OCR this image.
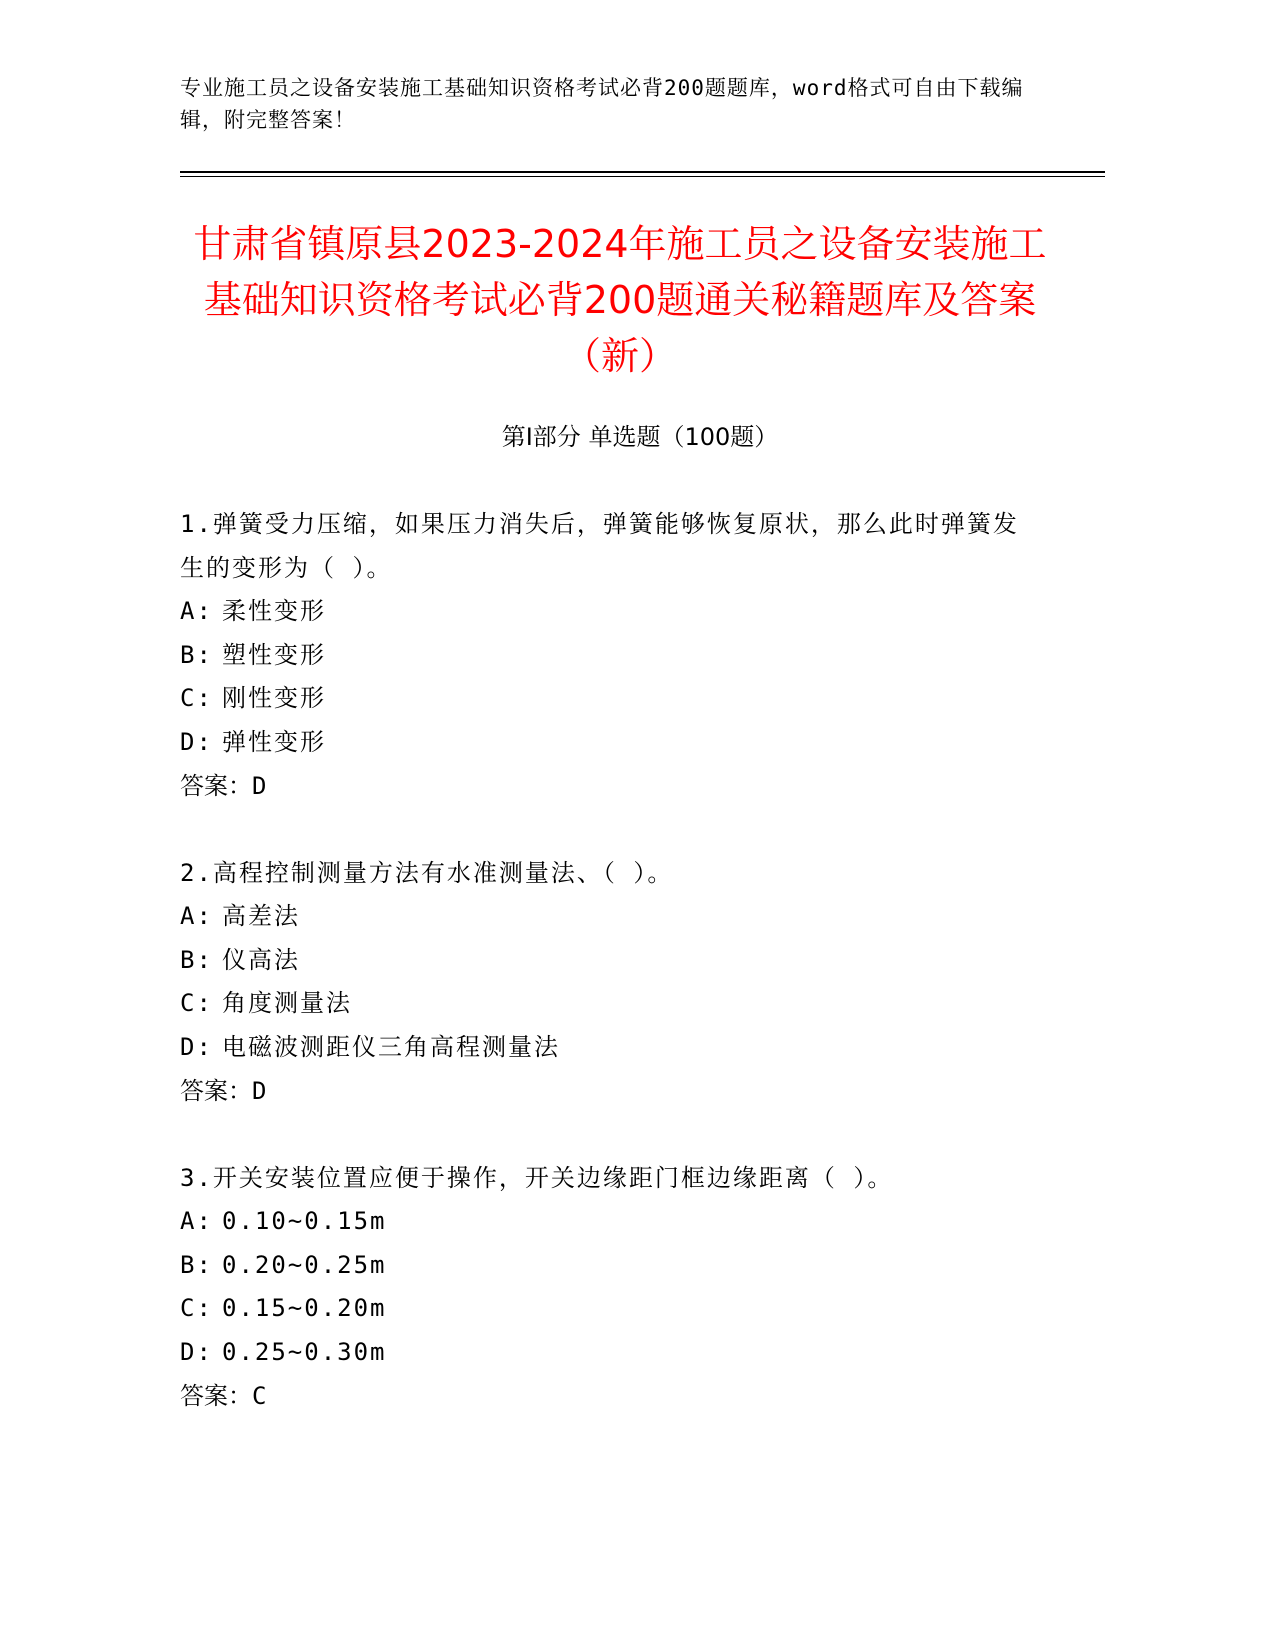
专业施工员之设备安装施工基础知识资格考试必背200题题库，word格式可自由下载编辑，附完整答案！
甘肃省镇原县2023-2024年施工员之设备安装施工基础知识资格考试必背200题通关秘籍题库及答案（新）
第I部分 单选题（100题）

1.弹簧受力压缩，如果压力消失后，弹簧能够恢复原状，那么此时弹簧发生的变形为（ ）。

A: 柔性变形

B: 塑性变形

C: 刚性变形

D: 弹性变形

答案：D

2.高程控制测量方法有水准测量法、（ ）。

A: 高差法

B: 仪高法

C: 角度测量法

D: 电磁波测距仪三角高程测量法

答案：D

3.开关安装位置应便于操作，开关边缘距门框边缘距离（ ）。

A: 0.10~0.15m

B: 0.20~0.25m

C: 0.15~0.20m

D: 0.25~0.30m

答案：C
